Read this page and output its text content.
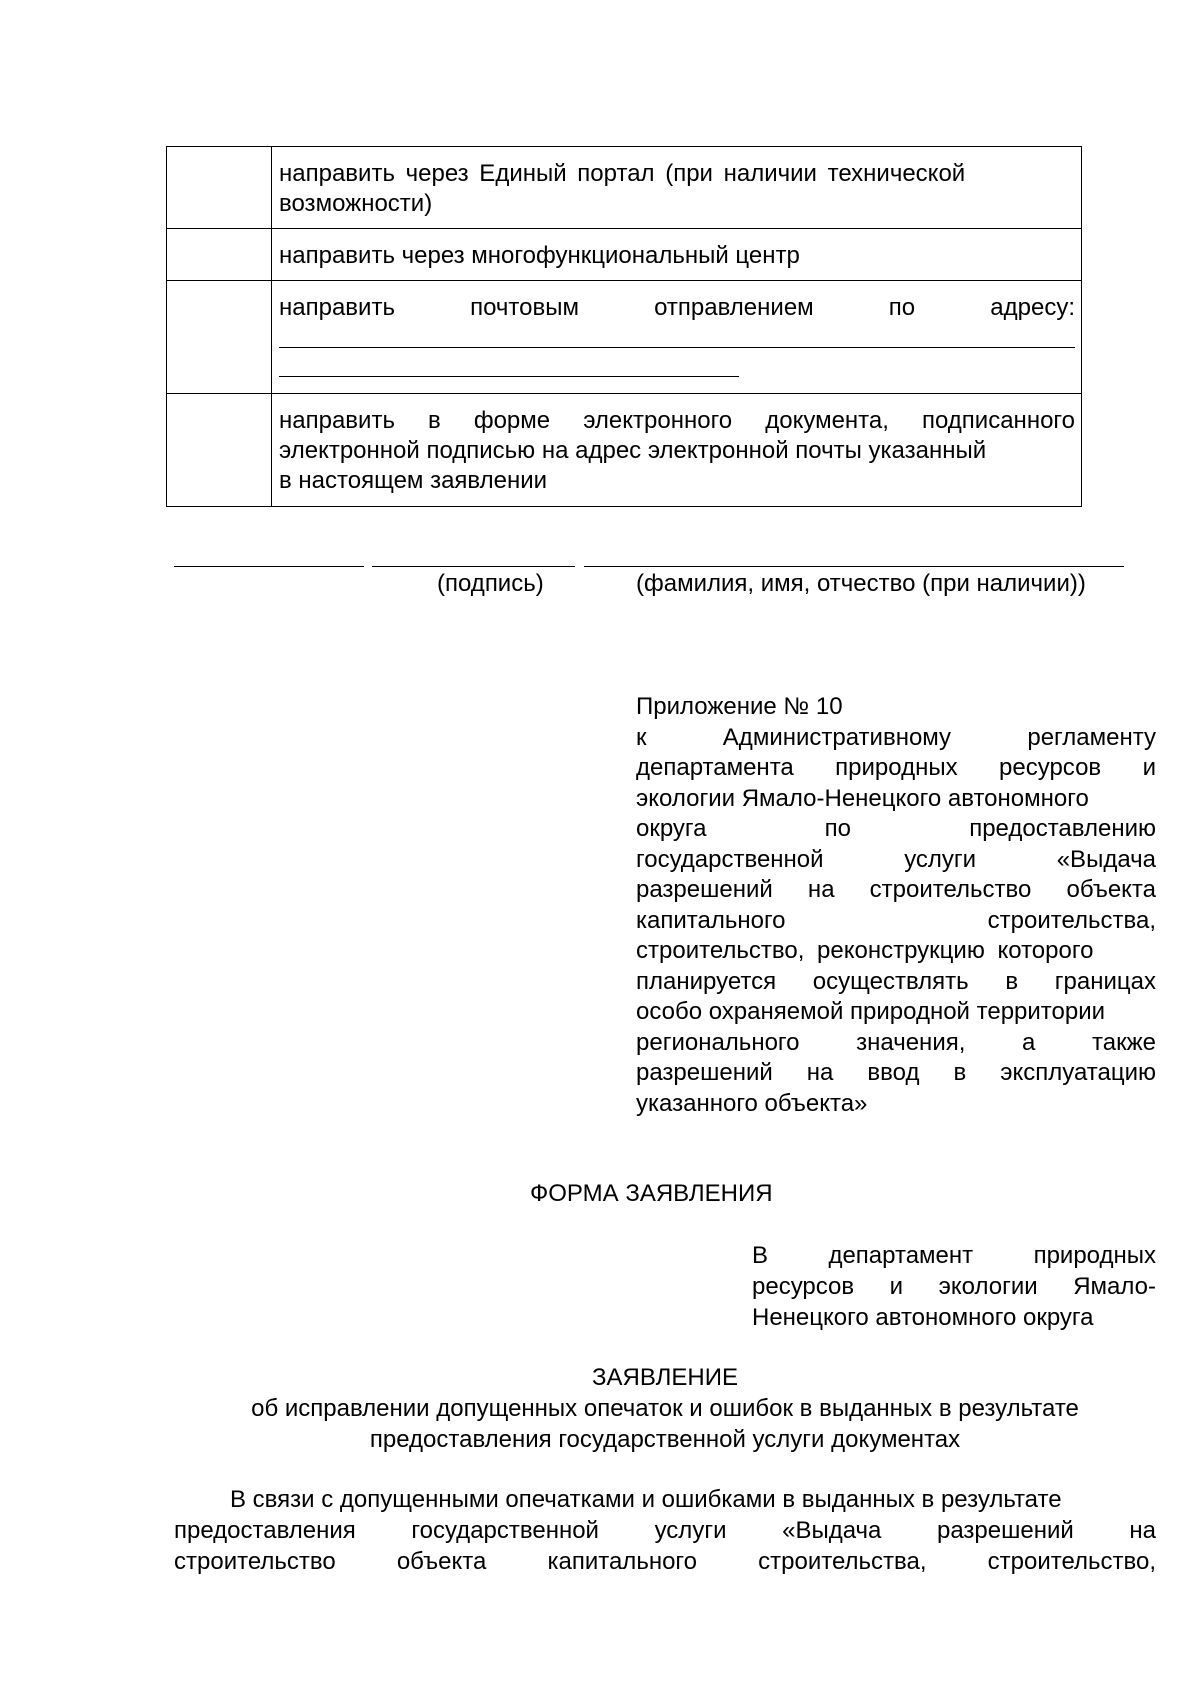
	направить через Единый портал (при наличии технической
возможности)

	направить через многофункциональный центр

	направить почтовым отправлением по адресу:

	направить в форме электронного документа, подписанного
электронной подписью на адрес электронной почты указанный
в настоящем заявлении
(подпись)	(фамилия, имя, отчество (при наличии))
Приложение № 10
к Административному регламенту
департамента природных ресурсов и
экологии Ямало-Ненецкого автономного
округа по предоставлению
государственной услуги «Выдача
разрешений на строительство объекта
капитального строительства,
строительство, реконструкцию которого
планируется осуществлять в границах
особо охраняемой природной территории
регионального значения, а также
разрешений на ввод в эксплуатацию
указанного объекта»
ФОРМА ЗАЯВЛЕНИЯ
В департамент природных
ресурсов и экологии Ямало-
Ненецкого автономного округа
ЗАЯВЛЕНИЕ
об исправлении допущенных опечаток и ошибок в выданных в результате
предоставления государственной услуги документах
В связи с допущенными опечатками и ошибками в выданных в результате
предоставления государственной услуги «Выдача разрешений на
строительство объекта капитального строительства, строительство,
